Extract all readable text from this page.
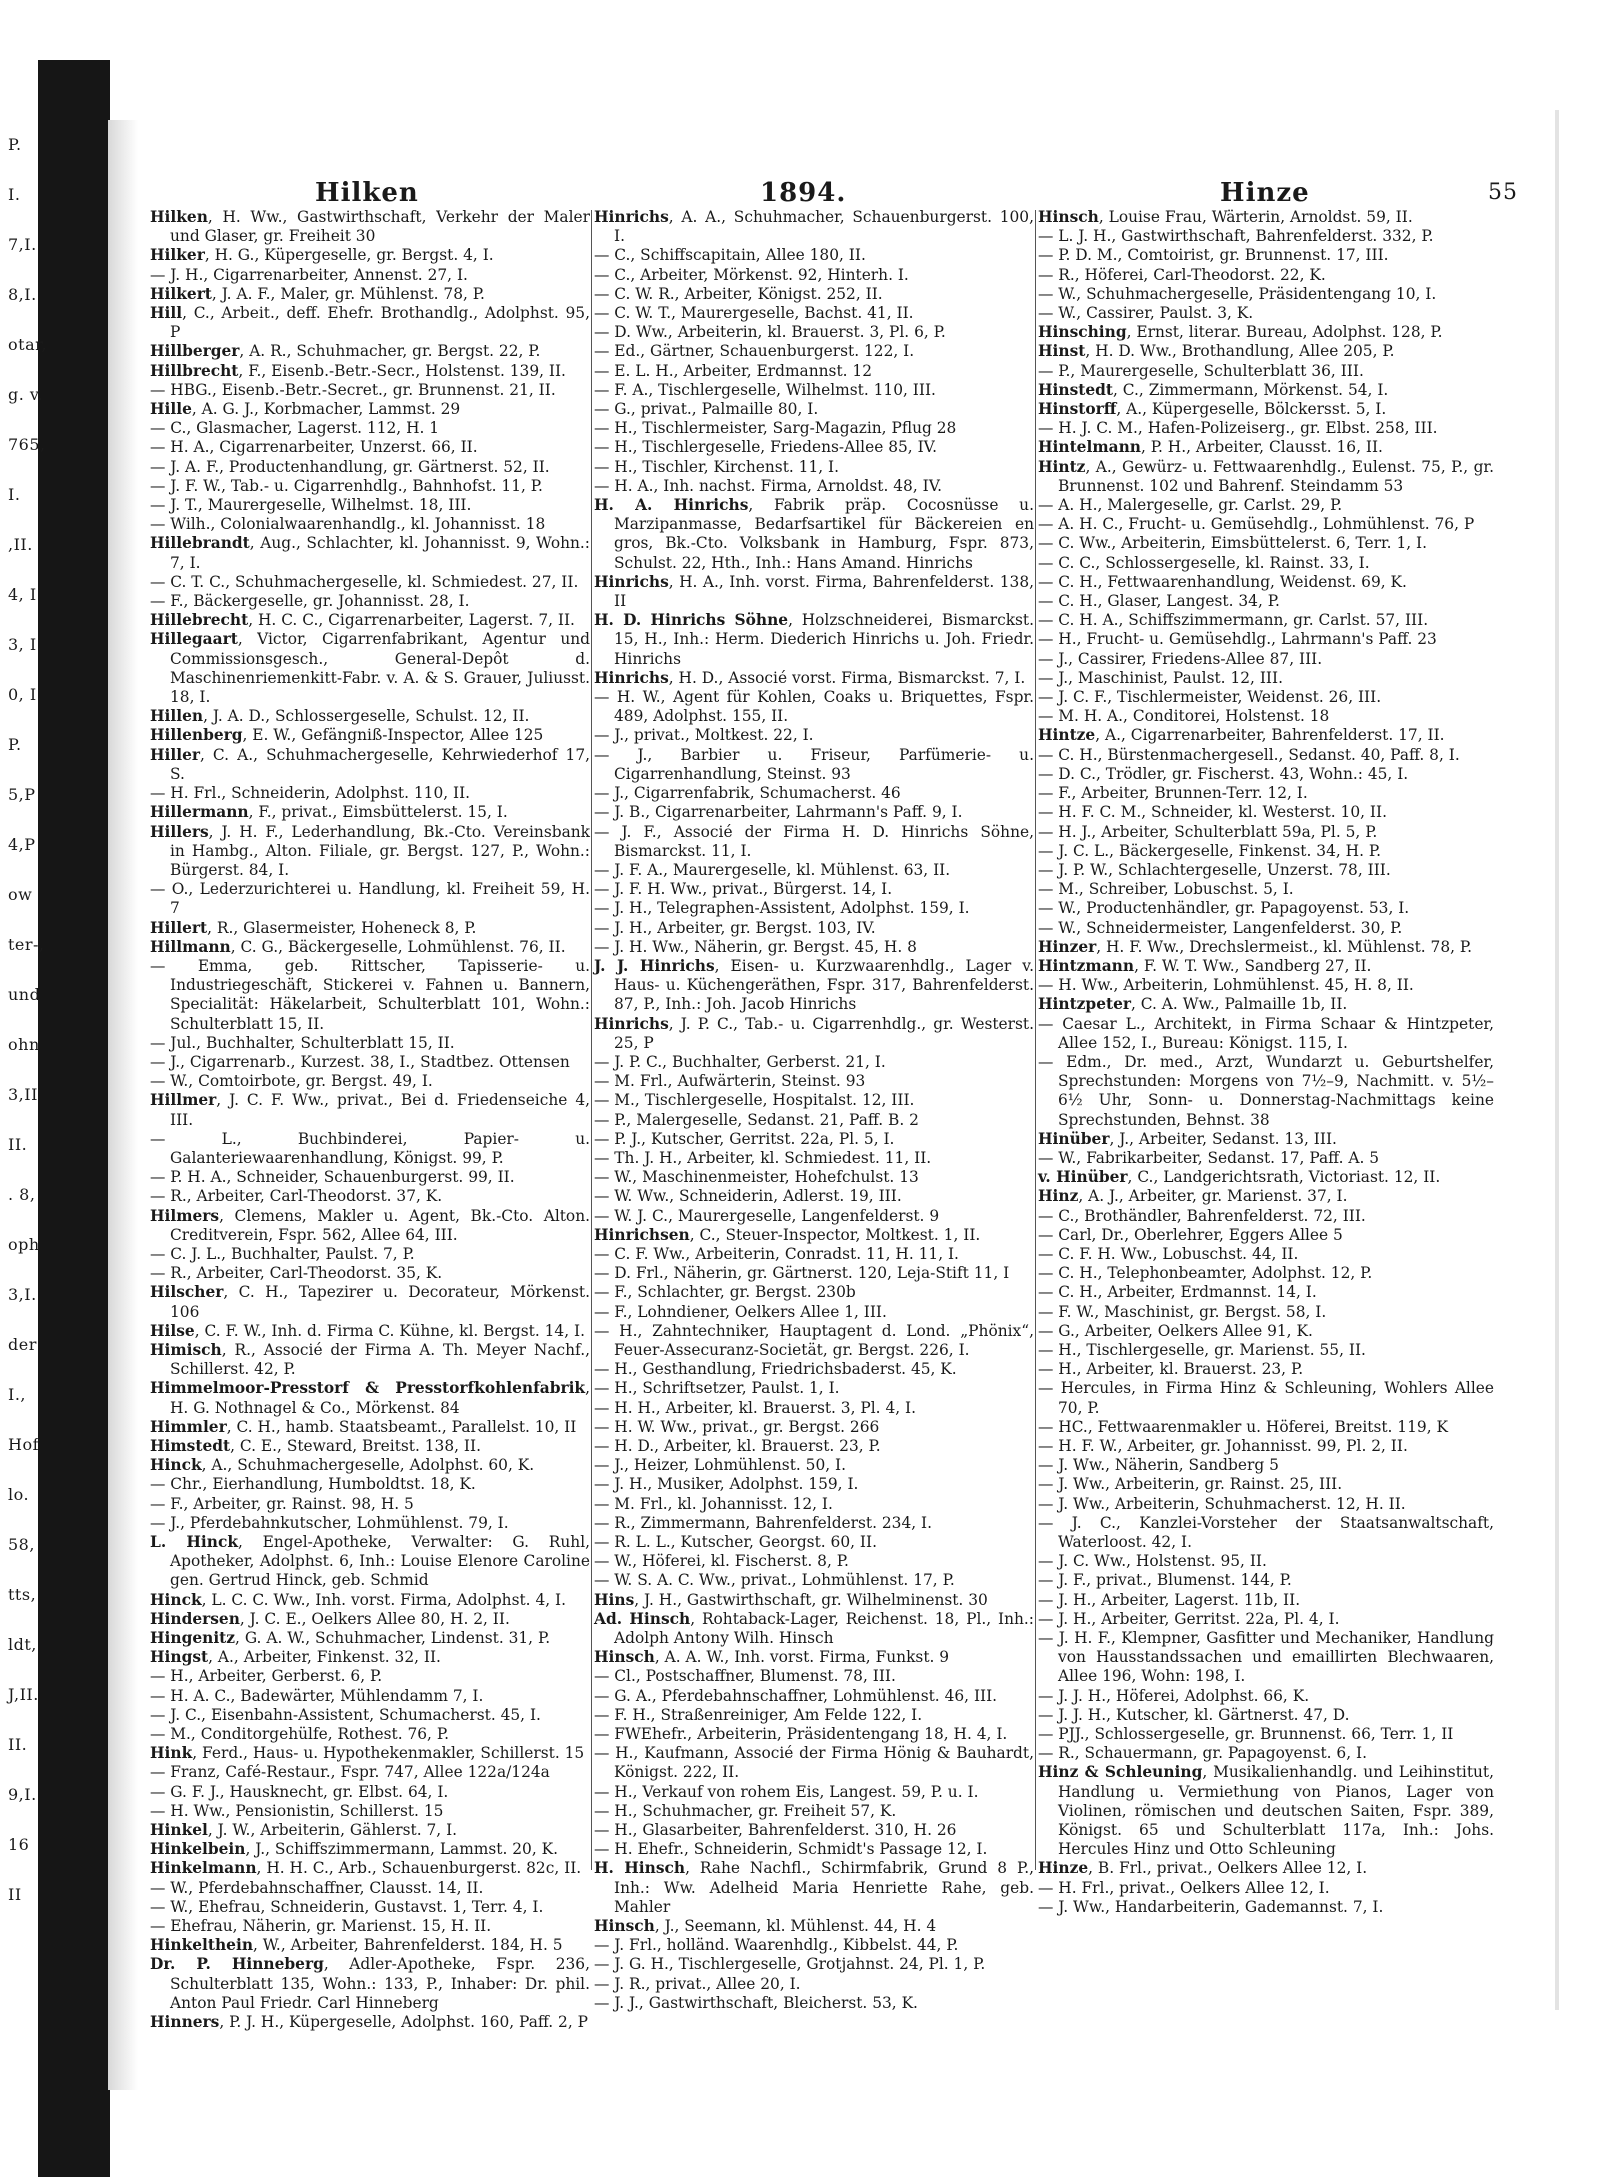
P.
I.
7,I.
8,I.
otar,
g. v.
765,
I.
,II.
4, I
3, I.
0, I.
P.
5,P
4,P
ow
ter-,
und
ohn
3,II
II.
. 8,
oph
3,I.
der
I.,
Hof
lo.
58,
tts,
ldt,
J,II.
II.
9,I.
16
II
Hilken	1894.	Hinze	55
Hilken, H. Ww., Gastwirthschaft, Verkehr der Maler und Glaser, gr. Freiheit 30
Hilker, H. G., Küpergeselle, gr. Bergst. 4, I.
— J. H., Cigarrenarbeiter, Annenst. 27, I.
Hilkert, J. A. F., Maler, gr. Mühlenst. 78, P.
Hill, C., Arbeit., deff. Ehefr. Brothandlg., Adolphst. 95, P
Hillberger, A. R., Schuhmacher, gr. Bergst. 22, P.
Hillbrecht, F., Eisenb.-Betr.-Secr., Holstenst. 139, II.
— HBG., Eisenb.-Betr.-Secret., gr. Brunnenst. 21, II.
Hille, A. G. J., Korbmacher, Lammst. 29
— C., Glasmacher, Lagerst. 112, H. 1
— H. A., Cigarrenarbeiter, Unzerst. 66, II.
— J. A. F., Productenhandlung, gr. Gärtnerst. 52, II.
— J. F. W., Tab.- u. Cigarrenhdlg., Bahnhofst. 11, P.
— J. T., Maurergeselle, Wilhelmst. 18, III.
— Wilh., Colonialwaarenhandlg., kl. Johannisst. 18
Hillebrandt, Aug., Schlachter, kl. Johannisst. 9, Wohn.: 7, I.
— C. T. C., Schuhmachergeselle, kl. Schmiedest. 27, II.
— F., Bäckergeselle, gr. Johannisst. 28, I.
Hillebrecht, H. C. C., Cigarrenarbeiter, Lagerst. 7, II.
Hillegaart, Victor, Cigarrenfabrikant, Agentur und Commissionsgesch., General-Depôt d. Maschinenriemenkitt-Fabr. v. A. & S. Grauer, Juliusst. 18, I.
Hillen, J. A. D., Schlossergeselle, Schulst. 12, II.
Hillenberg, E. W., Gefängniß-Inspector, Allee 125
Hiller, C. A., Schuhmachergeselle, Kehrwiederhof 17, S.
— H. Frl., Schneiderin, Adolphst. 110, II.
Hillermann, F., privat., Eimsbüttelerst. 15, I.
Hillers, J. H. F., Lederhandlung, Bk.-Cto. Vereinsbank in Hambg., Alton. Filiale, gr. Bergst. 127, P., Wohn.: Bürgerst. 84, I.
— O., Lederzurichterei u. Handlung, kl. Freiheit 59, H. 7
Hillert, R., Glasermeister, Hoheneck 8, P.
Hillmann, C. G., Bäckergeselle, Lohmühlenst. 76, II.
— Emma, geb. Rittscher, Tapisserie- u. Industriegeschäft, Stickerei v. Fahnen u. Bannern, Specialität: Häkelarbeit, Schulterblatt 101, Wohn.: Schulterblatt 15, II.
— Jul., Buchhalter, Schulterblatt 15, II.
— J., Cigarrenarb., Kurzest. 38, I., Stadtbez. Ottensen
— W., Comtoirbote, gr. Bergst. 49, I.
Hillmer, J. C. F. Ww., privat., Bei d. Friedenseiche 4, III.
— L., Buchbinderei, Papier- u. Galanteriewaarenhandlung, Königst. 99, P.
— P. H. A., Schneider, Schauenburgerst. 99, II.
— R., Arbeiter, Carl-Theodorst. 37, K.
Hilmers, Clemens, Makler u. Agent, Bk.-Cto. Alton. Creditverein, Fspr. 562, Allee 64, III.
— C. J. L., Buchhalter, Paulst. 7, P.
— R., Arbeiter, Carl-Theodorst. 35, K.
Hilscher, C. H., Tapezirer u. Decorateur, Mörkenst. 106
Hilse, C. F. W., Inh. d. Firma C. Kühne, kl. Bergst. 14, I.
Himisch, R., Associé der Firma A. Th. Meyer Nachf., Schillerst. 42, P.
Himmelmoor-Presstorf & Presstorfkohlenfabrik, H. G. Nothnagel & Co., Mörkenst. 84
Himmler, C. H., hamb. Staatsbeamt., Parallelst. 10, II
Himstedt, C. E., Steward, Breitst. 138, II.
Hinck, A., Schuhmachergeselle, Adolphst. 60, K.
— Chr., Eierhandlung, Humboldtst. 18, K.
— F., Arbeiter, gr. Rainst. 98, H. 5
— J., Pferdebahnkutscher, Lohmühlenst. 79, I.
L. Hinck, Engel-Apotheke, Verwalter: G. Ruhl, Apotheker, Adolphst. 6, Inh.: Louise Elenore Caroline gen. Gertrud Hinck, geb. Schmid
Hinck, L. C. C. Ww., Inh. vorst. Firma, Adolphst. 4, I.
Hindersen, J. C. E., Oelkers Allee 80, H. 2, II.
Hingenitz, G. A. W., Schuhmacher, Lindenst. 31, P.
Hingst, A., Arbeiter, Finkenst. 32, II.
— H., Arbeiter, Gerberst. 6, P.
— H. A. C., Badewärter, Mühlendamm 7, I.
— J. C., Eisenbahn-Assistent, Schumacherst. 45, I.
— M., Conditorgehülfe, Rothest. 76, P.
Hink, Ferd., Haus- u. Hypothekenmakler, Schillerst. 15
— Franz, Café-Restaur., Fspr. 747, Allee 122a/124a
— G. F. J., Hausknecht, gr. Elbst. 64, I.
— H. Ww., Pensionistin, Schillerst. 15
Hinkel, J. W., Arbeiterin, Gählerst. 7, I.
Hinkelbein, J., Schiffszimmermann, Lammst. 20, K.
Hinkelmann, H. H. C., Arb., Schauenburgerst. 82c, II.
— W., Pferdebahnschaffner, Clausst. 14, II.
— W., Ehefrau, Schneiderin, Gustavst. 1, Terr. 4, I.
— Ehefrau, Näherin, gr. Marienst. 15, H. II.
Hinkelthein, W., Arbeiter, Bahrenfelderst. 184, H. 5
Dr. P. Hinneberg, Adler-Apotheke, Fspr. 236, Schulterblatt 135, Wohn.: 133, P., Inhaber: Dr. phil. Anton Paul Friedr. Carl Hinneberg
Hinners, P. J. H., Küpergeselle, Adolphst. 160, Paff. 2, P
Hinrichs, A. A., Schuhmacher, Schauenburgerst. 100, I.
— C., Schiffscapitain, Allee 180, II.
— C., Arbeiter, Mörkenst. 92, Hinterh. I.
— C. W. R., Arbeiter, Königst. 252, II.
— C. W. T., Maurergeselle, Bachst. 41, II.
— D. Ww., Arbeiterin, kl. Brauerst. 3, Pl. 6, P.
— Ed., Gärtner, Schauenburgerst. 122, I.
— E. L. H., Arbeiter, Erdmannst. 12
— F. A., Tischlergeselle, Wilhelmst. 110, III.
— G., privat., Palmaille 80, I.
— H., Tischlermeister, Sarg-Magazin, Pflug 28
— H., Tischlergeselle, Friedens-Allee 85, IV.
— H., Tischler, Kirchenst. 11, I.
— H. A., Inh. nachst. Firma, Arnoldst. 48, IV.
H. A. Hinrichs, Fabrik präp. Cocosnüsse u. Marzipanmasse, Bedarfsartikel für Bäckereien en gros, Bk.-Cto. Volksbank in Hamburg, Fspr. 873, Schulst. 22, Hth., Inh.: Hans Amand. Hinrichs
Hinrichs, H. A., Inh. vorst. Firma, Bahrenfelderst. 138, II
H. D. Hinrichs Söhne, Holzschneiderei, Bismarckst. 15, H., Inh.: Herm. Diederich Hinrichs u. Joh. Friedr. Hinrichs
Hinrichs, H. D., Associé vorst. Firma, Bismarckst. 7, I.
— H. W., Agent für Kohlen, Coaks u. Briquettes, Fspr. 489, Adolphst. 155, II.
— J., privat., Moltkest. 22, I.
— J., Barbier u. Friseur, Parfümerie- u. Cigarrenhandlung, Steinst. 93
— J., Cigarrenfabrik, Schumacherst. 46
— J. B., Cigarrenarbeiter, Lahrmann's Paff. 9, I.
— J. F., Associé der Firma H. D. Hinrichs Söhne, Bismarckst. 11, I.
— J. F. A., Maurergeselle, kl. Mühlenst. 63, II.
— J. F. H. Ww., privat., Bürgerst. 14, I.
— J. H., Telegraphen-Assistent, Adolphst. 159, I.
— J. H., Arbeiter, gr. Bergst. 103, IV.
— J. H. Ww., Näherin, gr. Bergst. 45, H. 8
J. J. Hinrichs, Eisen- u. Kurzwaarenhdlg., Lager v. Haus- u. Küchengeräthen, Fspr. 317, Bahrenfelderst. 87, P., Inh.: Joh. Jacob Hinrichs
Hinrichs, J. P. C., Tab.- u. Cigarrenhdlg., gr. Westerst. 25, P
— J. P. C., Buchhalter, Gerberst. 21, I.
— M. Frl., Aufwärterin, Steinst. 93
— M., Tischlergeselle, Hospitalst. 12, III.
— P., Malergeselle, Sedanst. 21, Paff. B. 2
— P. J., Kutscher, Gerritst. 22a, Pl. 5, I.
— Th. J. H., Arbeiter, kl. Schmiedest. 11, II.
— W., Maschinenmeister, Hohefchulst. 13
— W. Ww., Schneiderin, Adlerst. 19, III.
— W. J. C., Maurergeselle, Langenfelderst. 9
Hinrichsen, C., Steuer-Inspector, Moltkest. 1, II.
— C. F. Ww., Arbeiterin, Conradst. 11, H. 11, I.
— D. Frl., Näherin, gr. Gärtnerst. 120, Leja-Stift 11, I
— F., Schlachter, gr. Bergst. 230b
— F., Lohndiener, Oelkers Allee 1, III.
— H., Zahntechniker, Hauptagent d. Lond. „Phönix“, Feuer-Assecuranz-Societät, gr. Bergst. 226, I.
— H., Gesthandlung, Friedrichsbaderst. 45, K.
— H., Schriftsetzer, Paulst. 1, I.
— H. H., Arbeiter, kl. Brauerst. 3, Pl. 4, I.
— H. W. Ww., privat., gr. Bergst. 266
— H. D., Arbeiter, kl. Brauerst. 23, P.
— J., Heizer, Lohmühlenst. 50, I.
— J. H., Musiker, Adolphst. 159, I.
— M. Frl., kl. Johannisst. 12, I.
— R., Zimmermann, Bahrenfelderst. 234, I.
— R. L. L., Kutscher, Georgst. 60, II.
— W., Höferei, kl. Fischerst. 8, P.
— W. S. A. C. Ww., privat., Lohmühlenst. 17, P.
Hins, J. H., Gastwirthschaft, gr. Wilhelminenst. 30
Ad. Hinsch, Rohtaback-Lager, Reichenst. 18, Pl., Inh.: Adolph Antony Wilh. Hinsch
Hinsch, A. A. W., Inh. vorst. Firma, Funkst. 9
— Cl., Postschaffner, Blumenst. 78, III.
— G. A., Pferdebahnschaffner, Lohmühlenst. 46, III.
— F. H., Straßenreiniger, Am Felde 122, I.
— FWEhefr., Arbeiterin, Präsidentengang 18, H. 4, I.
— H., Kaufmann, Associé der Firma Hönig & Bauhardt, Königst. 222, II.
— H., Verkauf von rohem Eis, Langest. 59, P. u. I.
— H., Schuhmacher, gr. Freiheit 57, K.
— H., Glasarbeiter, Bahrenfelderst. 310, H. 26
— H. Ehefr., Schneiderin, Schmidt's Passage 12, I.
H. Hinsch, Rahe Nachfl., Schirmfabrik, Grund 8 P., Inh.: Ww. Adelheid Maria Henriette Rahe, geb. Mahler
Hinsch, J., Seemann, kl. Mühlenst. 44, H. 4
— J. Frl., holländ. Waarenhdlg., Kibbelst. 44, P.
— J. G. H., Tischlergeselle, Grotjahnst. 24, Pl. 1, P.
— J. R., privat., Allee 20, I.
— J. J., Gastwirthschaft, Bleicherst. 53, K.
Hinsch, Louise Frau, Wärterin, Arnoldst. 59, II.
— L. J. H., Gastwirthschaft, Bahrenfelderst. 332, P.
— P. D. M., Comtoirist, gr. Brunnenst. 17, III.
— R., Höferei, Carl-Theodorst. 22, K.
— W., Schuhmachergeselle, Präsidentengang 10, I.
— W., Cassirer, Paulst. 3, K.
Hinsching, Ernst, literar. Bureau, Adolphst. 128, P.
Hinst, H. D. Ww., Brothandlung, Allee 205, P.
— P., Maurergeselle, Schulterblatt 36, III.
Hinstedt, C., Zimmermann, Mörkenst. 54, I.
Hinstorff, A., Küpergeselle, Bölckersst. 5, I.
— H. J. C. M., Hafen-Polizeiserg., gr. Elbst. 258, III.
Hintelmann, P. H., Arbeiter, Clausst. 16, II.
Hintz, A., Gewürz- u. Fettwaarenhdlg., Eulenst. 75, P., gr. Brunnenst. 102 und Bahrenf. Steindamm 53
— A. H., Malergeselle, gr. Carlst. 29, P.
— A. H. C., Frucht- u. Gemüsehdlg., Lohmühlenst. 76, P
— C. Ww., Arbeiterin, Eimsbüttelerst. 6, Terr. 1, I.
— C. C., Schlossergeselle, kl. Rainst. 33, I.
— C. H., Fettwaarenhandlung, Weidenst. 69, K.
— C. H., Glaser, Langest. 34, P.
— C. H. A., Schiffszimmermann, gr. Carlst. 57, III.
— H., Frucht- u. Gemüsehdlg., Lahrmann's Paff. 23
— J., Cassirer, Friedens-Allee 87, III.
— J., Maschinist, Paulst. 12, III.
— J. C. F., Tischlermeister, Weidenst. 26, III.
— M. H. A., Conditorei, Holstenst. 18
Hintze, A., Cigarrenarbeiter, Bahrenfelderst. 17, II.
— C. H., Bürstenmachergesell., Sedanst. 40, Paff. 8, I.
— D. C., Trödler, gr. Fischerst. 43, Wohn.: 45, I.
— F., Arbeiter, Brunnen-Terr. 12, I.
— H. F. C. M., Schneider, kl. Westerst. 10, II.
— H. J., Arbeiter, Schulterblatt 59a, Pl. 5, P.
— J. C. L., Bäckergeselle, Finkenst. 34, H. P.
— J. P. W., Schlachtergeselle, Unzerst. 78, III.
— M., Schreiber, Lobuschst. 5, I.
— W., Productenhändler, gr. Papagoyenst. 53, I.
— W., Schneidermeister, Langenfelderst. 30, P.
Hinzer, H. F. Ww., Drechslermeist., kl. Mühlenst. 78, P.
Hintzmann, F. W. T. Ww., Sandberg 27, II.
— H. Ww., Arbeiterin, Lohmühlenst. 45, H. 8, II.
Hintzpeter, C. A. Ww., Palmaille 1b, II.
— Caesar L., Architekt, in Firma Schaar & Hintzpeter, Allee 152, I., Bureau: Königst. 115, I.
— Edm., Dr. med., Arzt, Wundarzt u. Geburtshelfer, Sprechstunden: Morgens von 7½–9, Nachmitt. v. 5½–6½ Uhr, Sonn- u. Donnerstag-Nachmittags keine Sprechstunden, Behnst. 38
Hinüber, J., Arbeiter, Sedanst. 13, III.
— W., Fabrikarbeiter, Sedanst. 17, Paff. A. 5
v. Hinüber, C., Landgerichtsrath, Victoriast. 12, II.
Hinz, A. J., Arbeiter, gr. Marienst. 37, I.
— C., Brothändler, Bahrenfelderst. 72, III.
— Carl, Dr., Oberlehrer, Eggers Allee 5
— C. F. H. Ww., Lobuschst. 44, II.
— C. H., Telephonbeamter, Adolphst. 12, P.
— C. H., Arbeiter, Erdmannst. 14, I.
— F. W., Maschinist, gr. Bergst. 58, I.
— G., Arbeiter, Oelkers Allee 91, K.
— H., Tischlergeselle, gr. Marienst. 55, II.
— H., Arbeiter, kl. Brauerst. 23, P.
— Hercules, in Firma Hinz & Schleuning, Wohlers Allee 70, P.
— HC., Fettwaarenmakler u. Höferei, Breitst. 119, K
— H. F. W., Arbeiter, gr. Johannisst. 99, Pl. 2, II.
— J. Ww., Näherin, Sandberg 5
— J. Ww., Arbeiterin, gr. Rainst. 25, III.
— J. Ww., Arbeiterin, Schuhmacherst. 12, H. II.
— J. C., Kanzlei-Vorsteher der Staatsanwaltschaft, Waterloost. 42, I.
— J. C. Ww., Holstenst. 95, II.
— J. F., privat., Blumenst. 144, P.
— J. H., Arbeiter, Lagerst. 11b, II.
— J. H., Arbeiter, Gerritst. 22a, Pl. 4, I.
— J. H. F., Klempner, Gasfitter und Mechaniker, Handlung von Hausstandssachen und emaillirten Blechwaaren, Allee 196, Wohn: 198, I.
— J. J. H., Höferei, Adolphst. 66, K.
— J. J. H., Kutscher, kl. Gärtnerst. 47, D.
— PJJ., Schlossergeselle, gr. Brunnenst. 66, Terr. 1, II
— R., Schauermann, gr. Papagoyenst. 6, I.
Hinz & Schleuning, Musikalienhandlg. und Leihinstitut, Handlung u. Vermiethung von Pianos, Lager von Violinen, römischen und deutschen Saiten, Fspr. 389, Königst. 65 und Schulterblatt 117a, Inh.: Johs. Hercules Hinz und Otto Schleuning
Hinze, B. Frl., privat., Oelkers Allee 12, I.
— H. Frl., privat., Oelkers Allee 12, I.
— J. Ww., Handarbeiterin, Gademannst. 7, I.
